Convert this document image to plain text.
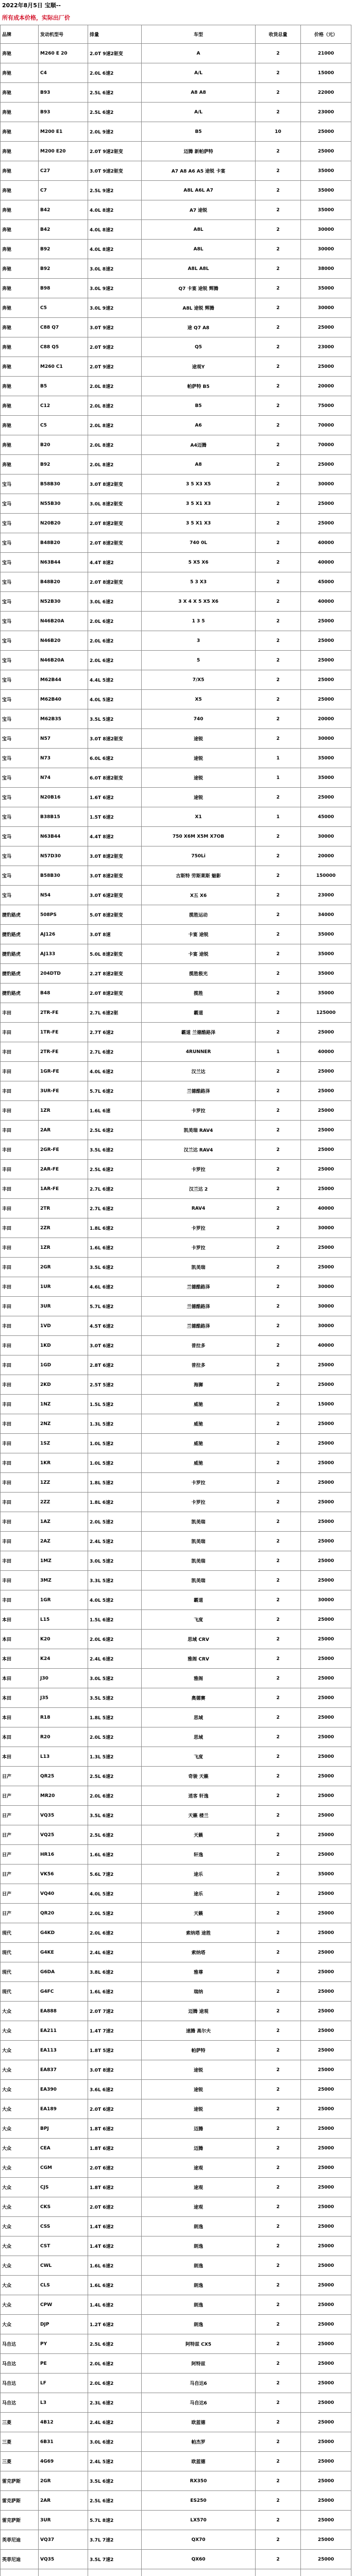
2022年8月5日 宝顺--
所有成本价格，实际出厂价
品牌	发动机型号	排量	车型	收货总量	价格（元）
奔驰	M260 E 20	2.0T 9速2驱变	A	2	21000
奔驰	C4	2.0L 6速2	A/L	2	15000
奔驰	B93	2.5L 6速2	A8 A8	2	22000
奔驰	B93	2.5L 6速2	A/L	2	23000
奔驰	M200 E1	2.0L 9速2	B5	10	25000
奔驰	M200 E20	2.0T 9速2驱变	迈腾 新帕萨特	2	25000
奔驰	C27	3.0T 9速2驱变	A7 A8 A6 A5 途锐 卡宴	2	35000
奔驰	C7	2.5L 9速2	A8L A6L A7	2	35000
奔驰	B42	4.0L 8速2	A7 途锐	2	35000
奔驰	B42	4.0L 8速2	A8L	2	30000
奔驰	B92	4.0L 8速2	A8L	2	30000
奔驰	B92	3.0L 8速2	A8L A8L	2	38000
奔驰	B98	3.0L 9速2	Q7 卡宴 途锐 辉腾	2	35000
奔驰	C5	3.0L 9速2	A8L 途锐 辉腾	2	30000
奔驰	C88 Q7	3.0T 9速2	途 Q7 A8	2	25000
奔驰	C88 Q5	2.0T 9速2	Q5	2	23000
奔驰	M260 C1	2.0T 9速2	途观Y	2	25000
奔驰	B5	2.0L 8速2	帕萨特 B5	2	20000
奔驰	C12	2.0L 8速2	B5	2	75000
奔驰	C5	2.0L 8速2	A6	2	70000
奔驰	B20	2.0L 8速2	A4迈腾	2	70000
奔驰	B92	2.0L 8速2	A8	2	25000
宝马	B58B30	3.0T 8速2驱变	3 5 X3 X5	2	30000
宝马	N55B30	3.0L 8速2驱变	3 5 X1 X3	2	25000
宝马	N20B20	2.0T 8速2驱变	3 5 X1 X3	2	25000
宝马	B48B20	2.0T 8速2驱变	740 0L	2	40000
宝马	N63B44	4.4T 8速2	5 X5 X6	2	40000
宝马	B48B20	2.0T 8速2驱变	5 3 X3	2	45000
宝马	N52B30	3.0L 6速2	3 X 4 X 5 X5 X6	2	40000
宝马	N46B20A	2.0L 6速2	1 3 5	2	25000
宝马	N46B20	2.0L 6速2	3	2	25000
宝马	N46B20A	2.0L 6速2	5	2	25000
宝马	M62B44	4.4L 5速2	7/X5	2	25000
宝马	M62B40	4.0L 5速2	X5	2	25000
宝马	M62B35	3.5L 5速2	740	2	20000
宝马	N57	3.0T 8速2驱变	途锐	2	30000
宝马	N73	6.0L 6速2	途锐	1	35000
宝马	N74	6.0T 8速2驱变	途锐	1	35000
宝马	N20B16	1.6T 6速2	途锐	2	25000
宝马	B38B15	1.5T 6速2	X1	1	45000
宝马	N63B44	4.4T 8速2	750 X6M X5M X7OB	2	30000
宝马	N57D30	3.0T 8速2驱变	750Li	2	20000
宝马	B58B30	3.0T 8速2驱变	古斯特 劳斯莱斯 魅影	2	150000
宝马	N54	3.0T 6速2驱变	X五 X6	2	23000
捷豹路虎	508PS	5.0T 8速2驱变	揽胜运动	2	34000
捷豹路虎	AJ126	3.0T 8速	卡宴 途锐	2	35000
捷豹路虎	AJ133	5.0L 8速2驱变	卡宴 途锐	2	35000
捷豹路虎	204DTD	2.2T 8速2驱变	揽胜极光	2	35000
捷豹路虎	B48	2.0T 8速2驱变	揽胜	2	35000
丰田	2TR-FE	2.7L 6速2驱	霸道	2	125000
丰田	1TR-FE	2.7T 6速2	霸道 兰德酷路泽	2	25000
丰田	2TR-FE	2.7L 6速2	4RUNNER	1	40000
丰田	1GR-FE	4.0L 6速2	汉兰达	2	25000
丰田	3UR-FE	5.7L 6速2	兰德酷路泽	2	25000
丰田	1ZR	1.6L 6速	卡罗拉	2	25000
丰田	2AR	2.5L 6速2	凯美瑞 RAV4	2	25000
丰田	2GR-FE	3.5L 6速2	汉兰达 RAV4	2	25000
丰田	2AR-FE	2.5L 6速2	卡罗拉	2	25000
丰田	1AR-FE	2.7L 6速2	汉兰达 2	2	25000
丰田	2TR	2.7L 6速2	RAV4	2	40000
丰田	2ZR	1.8L 6速2	卡罗拉	2	30000
丰田	1ZR	1.6L 6速2	卡罗拉	2	25000
丰田	2GR	3.5L 6速2	凯美瑞	2	25000
丰田	1UR	4.6L 6速2	兰德酷路泽	2	30000
丰田	3UR	5.7L 6速2	兰德酷路泽	2	30000
丰田	1VD	4.5T 6速2	兰德酷路泽	2	30000
丰田	1KD	3.0T 6速2	普拉多	2	40000
丰田	1GD	2.8T 6速2	普拉多	2	25000
丰田	2KD	2.5T 5速2	海狮	2	25000
丰田	1NZ	1.5L 5速2	威驰	2	15000
丰田	2NZ	1.3L 5速2	威驰	2	25000
丰田	1SZ	1.0L 5速2	威驰	2	25000
丰田	1KR	1.0L 5速2	威驰	2	25000
丰田	1ZZ	1.8L 5速2	卡罗拉	2	25000
丰田	2ZZ	1.8L 6速2	卡罗拉	2	25000
丰田	1AZ	2.0L 5速2	凯美瑞	2	25000
丰田	2AZ	2.4L 5速2	凯美瑞	2	25000
丰田	1MZ	3.0L 5速2	凯美瑞	2	25000
丰田	3MZ	3.3L 5速2	凯美瑞	2	25000
丰田	1GR	4.0L 5速2	霸道	2	30000
本田	L15	1.5L 6速2	飞度	2	25000
本田	K20	2.0L 6速2	思域 CRV	2	25000
本田	K24	2.4L 6速2	雅阁 CRV	2	25000
本田	J30	3.0L 5速2	雅阁	2	25000
本田	J35	3.5L 5速2	奥德赛	2	25000
本田	R18	1.8L 5速2	思域	2	25000
本田	R20	2.0L 5速2	思域	2	25000
本田	L13	1.3L 5速2	飞度	2	25000
日产	QR25	2.5L 6速2	奇骏 天籁	2	25000
日产	MR20	2.0L 6速2	逍客 轩逸	2	25000
日产	VQ35	3.5L 6速2	天籁 楼兰	2	25000
日产	VQ25	2.5L 6速2	天籁	2	25000
日产	HR16	1.6L 6速2	轩逸	2	25000
日产	VK56	5.6L 7速2	途乐	2	35000
日产	VQ40	4.0L 5速2	途乐	2	25000
日产	QR20	2.0L 5速2	天籁	2	25000
现代	G4KD	2.0L 6速2	索纳塔 途胜	2	25000
现代	G4KE	2.4L 6速2	索纳塔	2	25000
现代	G6DA	3.8L 6速2	雅尊	2	25000
现代	G4FC	1.6L 6速2	瑞纳	2	25000
大众	EA888	2.0T 7速2	迈腾 途观	2	25000
大众	EA211	1.4T 7速2	速腾 高尔夫	2	25000
大众	EA113	1.8T 5速2	帕萨特	2	25000
大众	EA837	3.0T 8速2	途锐	2	25000
大众	EA390	3.6L 6速2	途锐	2	25000
大众	EA189	2.0T 6速2	途锐	2	25000
大众	BPJ	1.8T 6速2	迈腾	2	25000
大众	CEA	1.8T 6速2	迈腾	2	25000
大众	CGM	2.0T 6速2	途观	2	25000
大众	CJS	1.8T 6速2	途观	2	25000
大众	CKS	2.0T 6速2	途观	2	25000
大众	CSS	1.4T 6速2	朗逸	2	25000
大众	CST	1.4T 6速2	朗逸	2	25000
大众	CWL	1.6L 6速2	朗逸	2	25000
大众	CLS	1.6L 6速2	朗逸	2	25000
大众	CPW	1.4L 6速2	朗逸	2	25000
大众	DJP	1.2T 6速2	朗逸	2	25000
马自达	PY	2.5L 6速2	阿特兹 CX5	2	25000
马自达	PE	2.0L 6速2	阿特兹	2	25000
马自达	LF	2.0L 6速2	马自达6	2	25000
马自达	L3	2.3L 6速2	马自达6	2	25000
三菱	4B12	2.4L 6速2	欧蓝德	2	25000
三菱	6B31	3.0L 6速2	帕杰罗	2	25000
三菱	4G69	2.4L 5速2	欧蓝德	2	25000
雷克萨斯	2GR	3.5L 6速2	RX350	2	25000
雷克萨斯	2AR	2.5L 6速2	ES250	2	25000
雷克萨斯	3UR	5.7L 8速2	LX570	2	25000
英菲尼迪	VQ37	3.7L 7速2	QX70	2	25000
英菲尼迪	VQ35	3.5L 7速2	QX60	2	25000
